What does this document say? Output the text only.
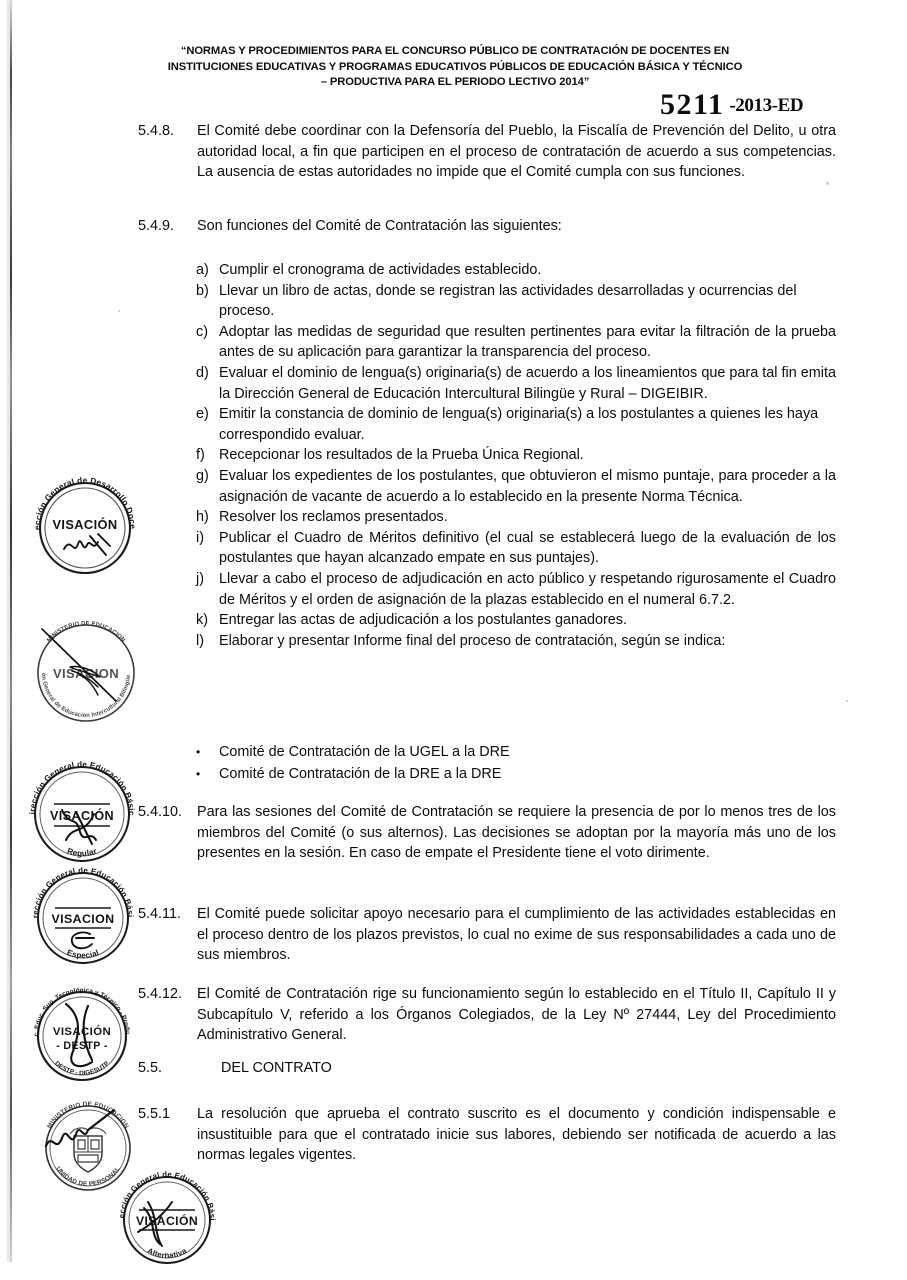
“NORMAS Y PROCEDIMIENTOS PARA EL CONCURSO PÚBLICO DE CONTRATACIÓN DE DOCENTES EN
INSTITUCIONES EDUCATIVAS Y PROGRAMAS EDUCATIVOS PÚBLICOS DE EDUCACIÓN BÁSICA Y TÉCNICO
– PRODUCTIVA PARA EL PERIODO LECTIVO 2014”
5211 -2013-ED
5.4.8.	El Comité debe coordinar con la Defensoría del Pueblo, la Fiscalía de Prevención del Delito, u otra autoridad local, a fin que participen en el proceso de contratación de acuerdo a sus competencias. La ausencia de estas autoridades no impide que el Comité cumpla con sus funciones.
5.4.9.	Son funciones del Comité de Contratación las siguientes:
a) Cumplir el cronograma de actividades establecido.
b) Llevar un libro de actas, donde se registran las actividades desarrolladas y ocurrencias del proceso.
c) Adoptar las medidas de seguridad que resulten pertinentes para evitar la filtración de la prueba antes de su aplicación para garantizar la transparencia del proceso.
d) Evaluar el dominio de lengua(s) originaria(s) de acuerdo a los lineamientos que para tal fin emita la Dirección General de Educación Intercultural Bilingüe y Rural – DIGEIBIR.
e) Emitir la constancia de dominio de lengua(s) originaria(s) a los postulantes a quienes les haya correspondido evaluar.
f) Recepcionar los resultados de la Prueba Única Regional.
g) Evaluar los expedientes de los postulantes, que obtuvieron el mismo puntaje, para proceder a la asignación de vacante de acuerdo a lo establecido en la presente Norma Técnica.
h) Resolver los reclamos presentados.
i)	Publicar el Cuadro de Méritos definitivo (el cual se establecerá luego de la evaluación de los postulantes que hayan alcanzado empate en sus puntajes).
j)	Llevar a cabo el proceso de adjudicación en acto público y respetando rigurosamente el Cuadro de Méritos y el orden de asignación de la plazas establecido en el numeral 6.7.2.
k) Entregar las actas de adjudicación a los postulantes ganadores.
l)	Elaborar y presentar Informe final del proceso de contratación, según se indica:
•	Comité de Contratación de la UGEL a la DRE
•	Comité de Contratación de la DRE a la DRE
5.4.10.	Para las sesiones del Comité de Contratación se requiere la presencia de por lo menos tres de los miembros del Comité (o sus alternos). Las decisiones se adoptan por la mayoría más uno de los presentes en la sesión. En caso de empate el Presidente tiene el voto dirimente.
5.4.11.	El Comité puede solicitar apoyo necesario para el cumplimiento de las actividades establecidas en el proceso dentro de los plazos previstos, lo cual no exime de sus responsabilidades a cada uno de sus miembros.
5.4.12.	El Comité de Contratación rige su funcionamiento según lo establecido en el Título II, Capítulo II y Subcapítulo V, referido a los Órganos Colegiados, de la Ley Nº 27444, Ley del Procedimiento Administrativo General.
5.5.	DEL CONTRATO
5.5.1	La resolución que aprueba el contrato suscrito es el documento y condición indispensable e insustituible para que el contratado inicie sus labores, debiendo ser notificada de acuerdo a las normas legales vigentes.
Dirección General de Desarrollo Docente
VISACIÓN
MINISTERIO DE EDUCACION
Dirección General de Educación Intercultural Bilingüe y Rural
VISACION
Dirección General de Educación Básica
Regular
VISACIÓN
Dirección General de Educación Básica
Especial
VISACION
Direc. Educ. Sup. Tecnológica y Técnico - Productiva
DESTP - DIGESUTP
VISACIÓN
- DESTP -
MINISTERIO DE EDUCACION
UNIDAD DE PERSONAL
Dirección General de Educación Básica
Alternativa
VISACIÓN
